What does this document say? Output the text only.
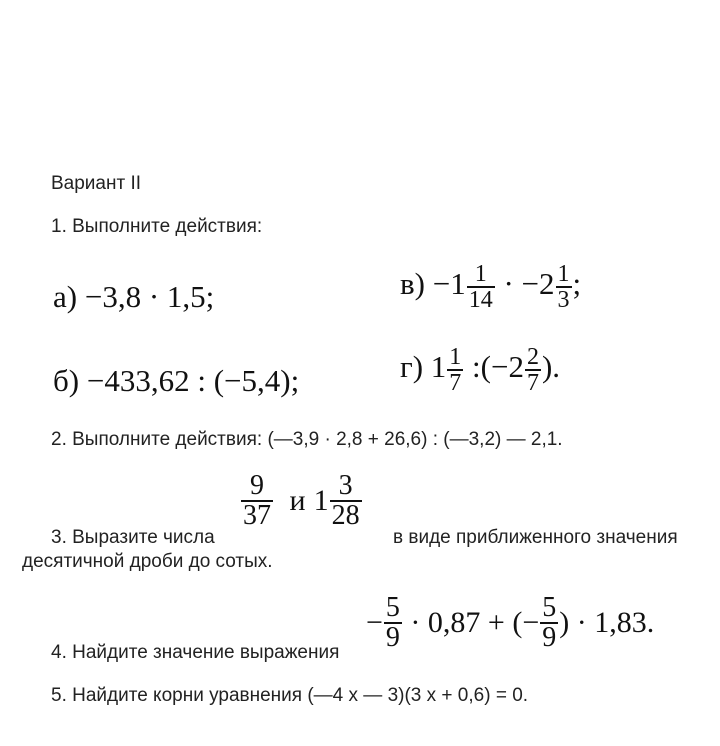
Вариант II
1. Выполните действия:
а) −3,8 · 1,5;	$в) -1 \frac{1}{14} \cdot -2 \frac{1}{3}$ ;
б) −433,62 : (−5,4);	г) $1 \frac{1}{7}$ :(−2 $\frac{2}{7}$ ).
2. Выполните действия: (—3,9 · 2,8 + 26,6) : (—3,2) — 2,1.
3. Выразите числа
$\frac{9}{37}$ и $1 \frac{3}{28}$
в виде приближенного значения
десятичной дроби до сотых.
4. Найдите значение выражения
− $\frac{5}{9} \cdot 0,87$ + (− $\frac{5}{9}$ ) · 1,83.
5. Найдите корни уравнения (—4 x — 3)(3 x + 0,6) = 0.
